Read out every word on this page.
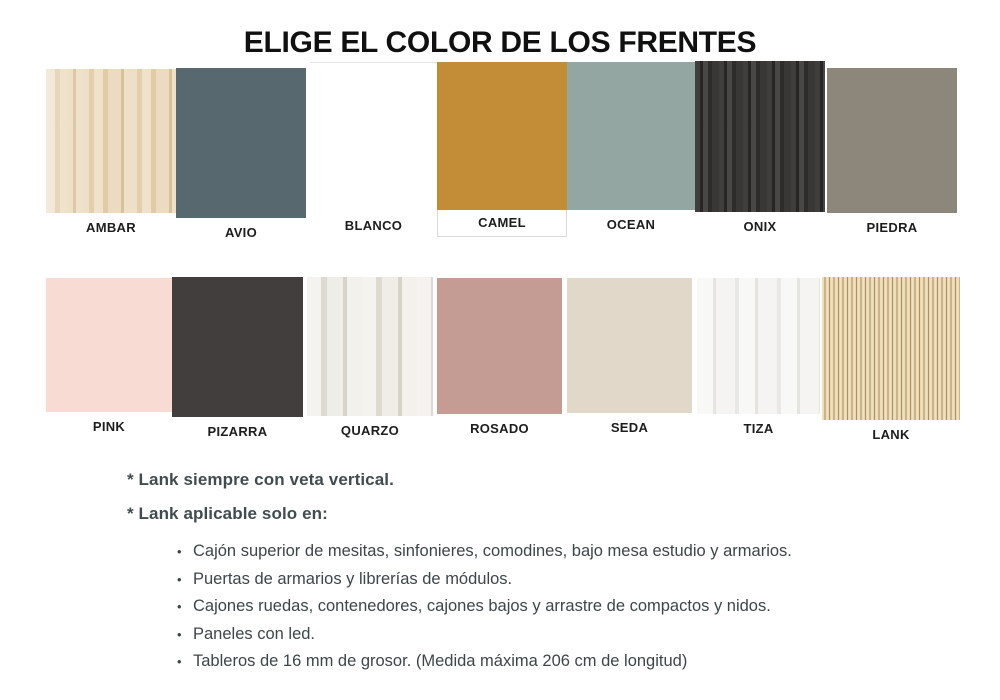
ELIGE EL COLOR DE LOS FRENTES
AMBAR	AVIO	BLANCO	CAMEL	OCEAN	ONIX	PIEDRA
PINK	PIZARRA	QUARZO	ROSADO	SEDA	TIZA	LANK

* Lank siempre con veta vertical.

* Lank aplicable solo en:

• Cajón superior de mesitas, sinfonieres, comodines, bajo mesa estudio y armarios.
• Puertas de armarios y librerías de módulos.
• Cajones ruedas, contenedores, cajones bajos y arrastre de compactos y nidos.
• Paneles con led.
• Tableros de 16 mm de grosor. (Medida máxima 206 cm de longitud)
